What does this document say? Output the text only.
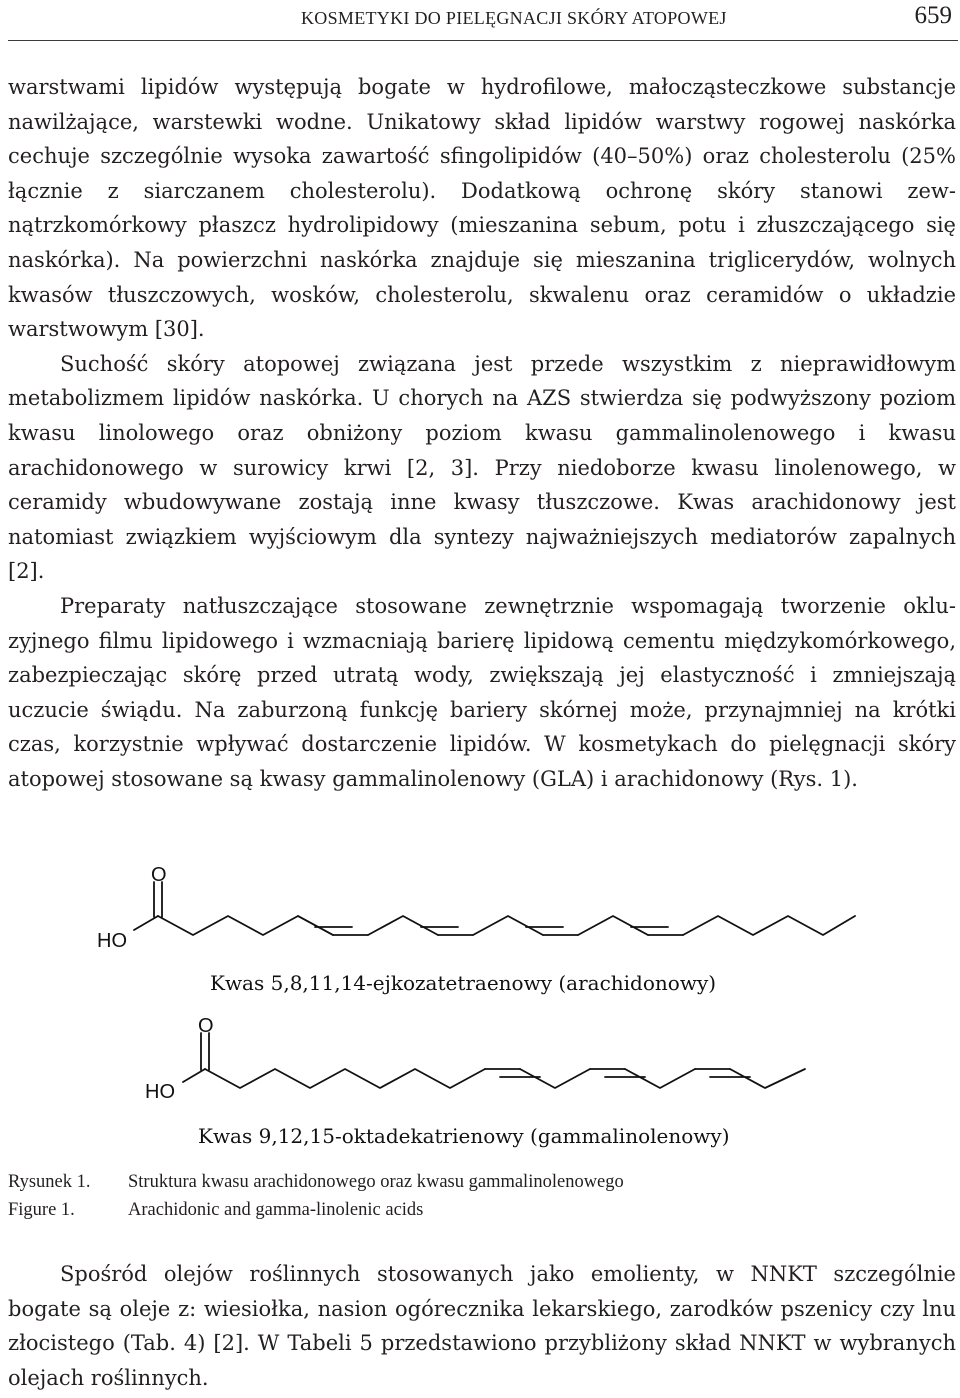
KOSMETYKI DO PIELĘGNACJI SKÓRY ATOPOWEJ	659

warstwami lipidów występują bogate w hydrofilowe, małocząsteczkowe substancje nawilżające, warstewki wodne. Unikatowy skład lipidów warstwy rogowej naskórka cechuje szczególnie wysoka zawartość sfingolipidów (40–50%) oraz cholesterolu (25% łącznie z siarczanem cholesterolu). Dodatkową ochronę skóry stanowi zewnątrzkomórkowy płaszcz hydrolipidowy (mieszanina sebum, potu i złuszczającego się naskórka). Na powierzchni naskórka znajduje się mieszanina triglicerydów, wolnych kwasów tłuszczowych, wosków, cholesterolu, skwalenu oraz ceramidów o układzie warstwowym [30].

Suchość skóry atopowej związana jest przede wszystkim z nieprawidłowym metabolizmem lipidów naskórka. U chorych na AZS stwierdza się podwyższony poziom kwasu linolowego oraz obniżony poziom kwasu gammalinolenowego i kwasu arachidonowego w surowicy krwi [2, 3]. Przy niedoborze kwasu linolenowego, w ceramidy wbudowywane zostają inne kwasy tłuszczowe. Kwas arachidonowy jest natomiast związkiem wyjściowym dla syntezy najważniejszych mediatorów zapalnych [2].

Preparaty natłuszczające stosowane zewnętrznie wspomagają tworzenie okluzyjnego filmu lipidowego i wzmacniają barierę lipidową cementu międzykomórkowego, zabezpieczając skórę przed utratą wody, zwiększają jej elastyczność i zmniejszają uczucie świądu. Na zaburzoną funkcję bariery skórnej może, przynajmniej na krótki czas, korzystnie wpływać dostarczenie lipidów. W kosmetykach do pielęgnacji skóry atopowej stosowane są kwasy gammalinolenowy (GLA) i arachidonowy (Rys. 1).

O
HO
Kwas 5,8,11,14-ejkozatetraenowy (arachidonowy)
O
HO
Kwas 9,12,15-oktadekatrienowy (gammalinolenowy)
Rysunek 1.	Struktura kwasu arachidonowego oraz kwasu gammalinolenowego
Figure 1.	Arachidonic and gamma-linolenic acids

Spośród olejów roślinnych stosowanych jako emolienty, w NNKT szczególnie bogate są oleje z: wiesiołka, nasion ogórecznika lekarskiego, zarodków pszenicy czy lnu złocistego (Tab. 4) [2]. W Tabeli 5 przedstawiono przybliżony skład NNKT w wybranych olejach roślinnych.
